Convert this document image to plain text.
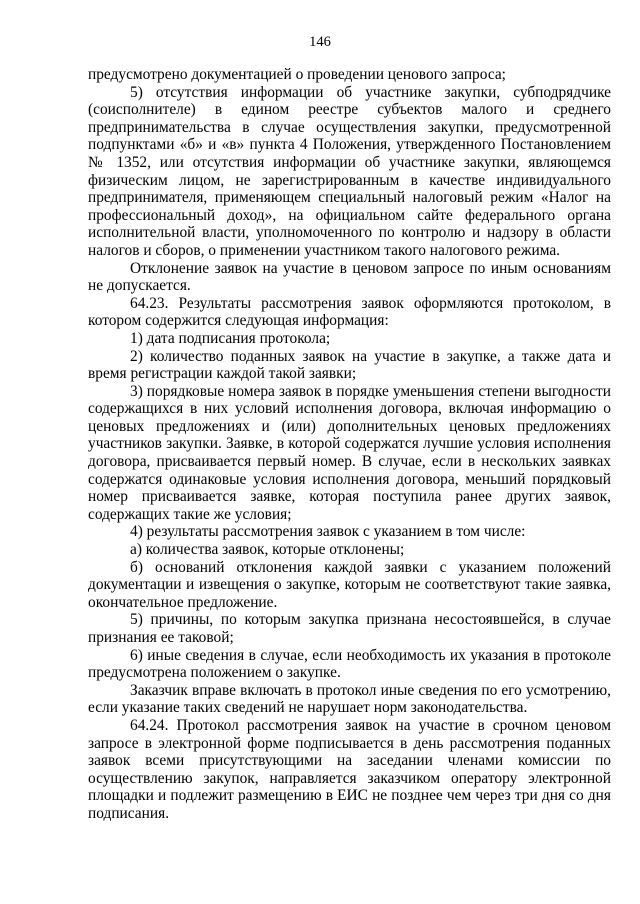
146

предусмотрено документацией о проведении ценового запроса;

5) отсутствия информации об участнике закупки, субподрядчике (соисполнителе) в едином реестре субъектов малого и среднего предпринимательства в случае осуществления закупки, предусмотренной подпунктами «б» и «в» пункта 4 Положения, утвержденного Постановлением № 1352, или отсутствия информации об участнике закупки, являющемся физическим лицом, не зарегистрированным в качестве индивидуального предпринимателя, применяющем специальный налоговый режим «Налог на профессиональный доход», на официальном сайте федерального органа исполнительной власти, уполномоченного по контролю и надзору в области налогов и сборов, о применении участником такого налогового режима.

Отклонение заявок на участие в ценовом запросе по иным основаниям не допускается.

64.23. Результаты рассмотрения заявок оформляются протоколом, в котором содержится следующая информация:

1) дата подписания протокола;

2) количество поданных заявок на участие в закупке, а также дата и время регистрации каждой такой заявки;

3) порядковые номера заявок в порядке уменьшения степени выгодности содержащихся в них условий исполнения договора, включая информацию о ценовых предложениях и (или) дополнительных ценовых предложениях участников закупки. Заявке, в которой содержатся лучшие условия исполнения договора, присваивается первый номер. В случае, если в нескольких заявках содержатся одинаковые условия исполнения договора, меньший порядковый номер присваивается заявке, которая поступила ранее других заявок, содержащих такие же условия;

4) результаты рассмотрения заявок с указанием в том числе:

а) количества заявок, которые отклонены;

б) оснований отклонения каждой заявки с указанием положений документации и извещения о закупке, которым не соответствуют такие заявка, окончательное предложение.

5) причины, по которым закупка признана несостоявшейся, в случае признания ее таковой;

6) иные сведения в случае, если необходимость их указания в протоколе предусмотрена положением о закупке.

Заказчик вправе включать в протокол иные сведения по его усмотрению, если указание таких сведений не нарушает норм законодательства.

64.24. Протокол рассмотрения заявок на участие в срочном ценовом запросе в электронной форме подписывается в день рассмотрения поданных заявок всеми присутствующими на заседании членами комиссии по осуществлению закупок, направляется заказчиком оператору электронной площадки и подлежит размещению в ЕИС не позднее чем через три дня со дня подписания.
